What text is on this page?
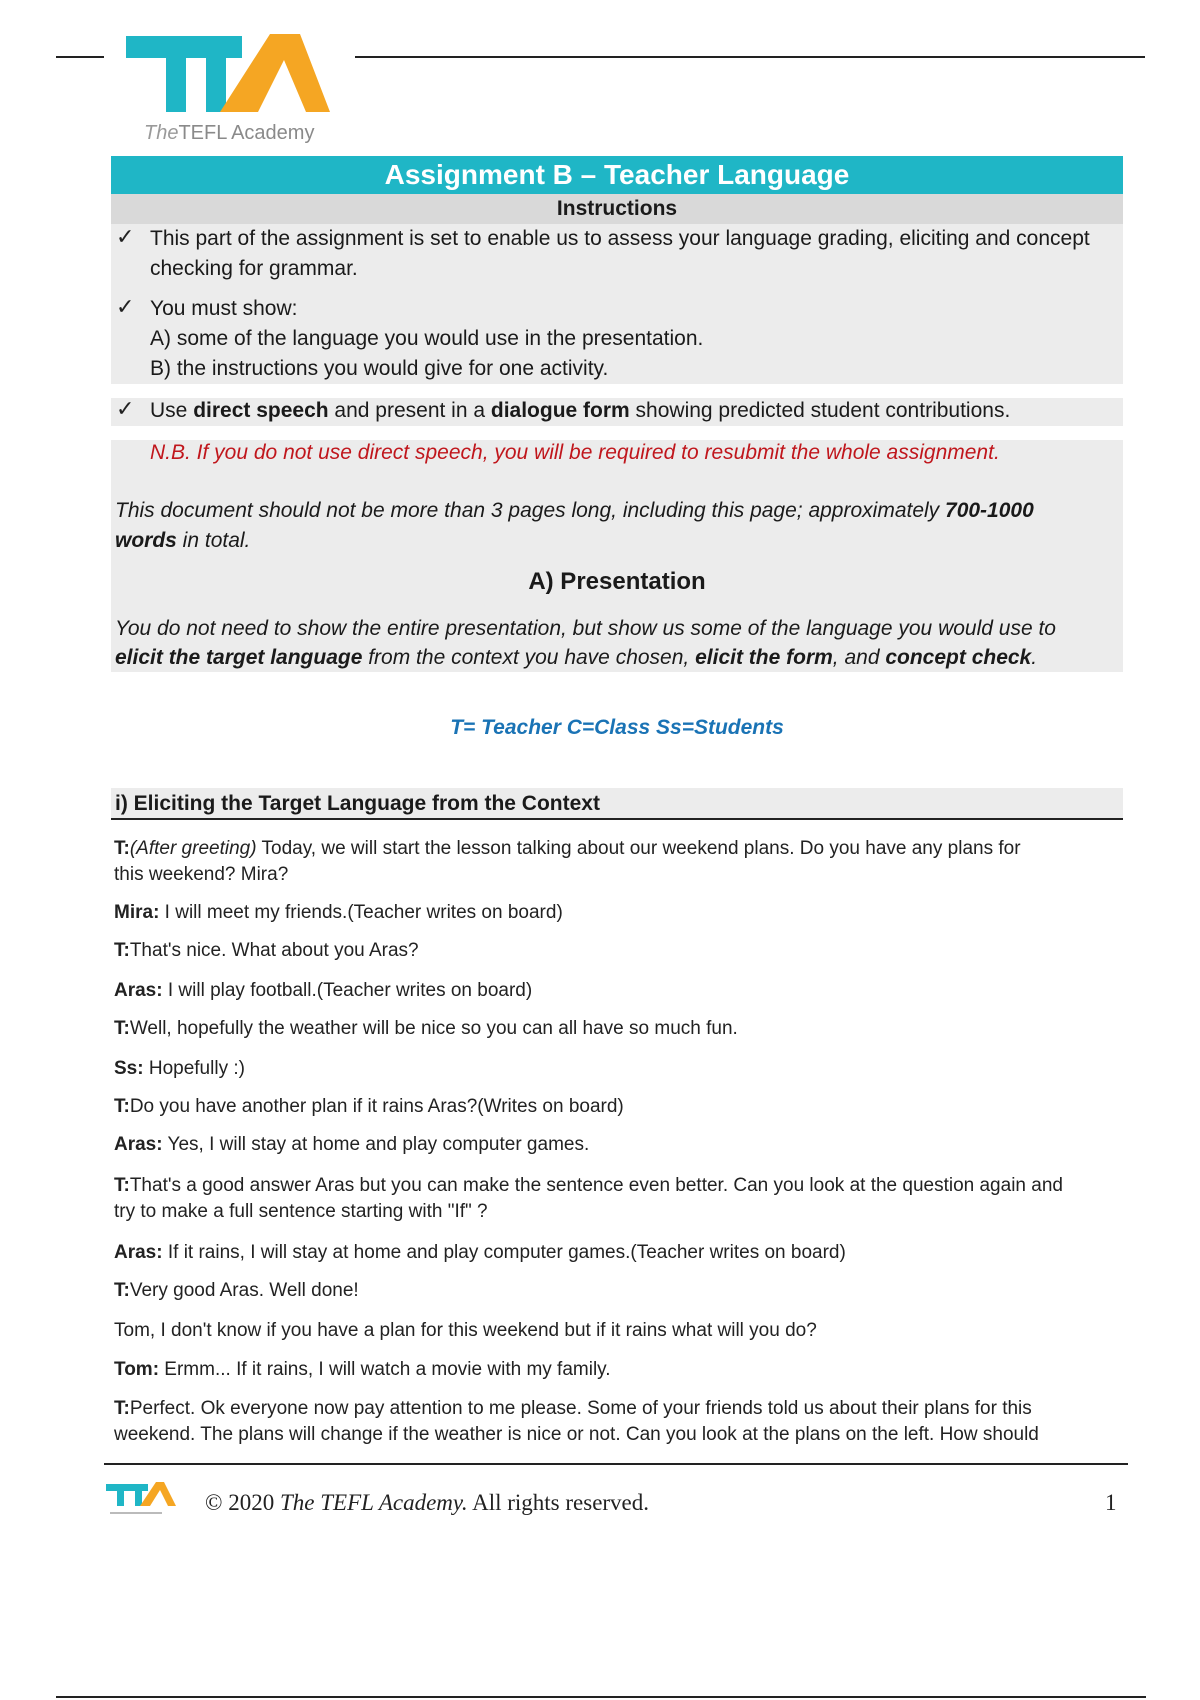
TheTEFL Academy
Assignment B – Teacher Language
Instructions
✓ This part of the assignment is set to enable us to assess your language grading, eliciting and concept
checking for grammar.
✓ You must show:
A) some of the language you would use in the presentation.
B) the instructions you would give for one activity.
✓ Use direct speech and present in a dialogue form showing predicted student contributions.
N.B. If you do not use direct speech, you will be required to resubmit the whole assignment.
This document should not be more than 3 pages long, including this page; approximately 700-1000
words in total.
A) Presentation
You do not need to show the entire presentation, but show us some of the language you would use to
elicit the target language from the context you have chosen, elicit the form, and concept check.
T= Teacher C=Class Ss=Students
i) Eliciting the Target Language from the Context
T:(After greeting) Today, we will start the lesson talking about our weekend plans. Do you have any plans for
this weekend? Mira?
Mira: I will meet my friends.(Teacher writes on board)
T:That's nice. What about you Aras?
Aras: I will play football.(Teacher writes on board)
T:Well, hopefully the weather will be nice so you can all have so much fun.
Ss: Hopefully :)
T:Do you have another plan if it rains Aras?(Writes on board)
Aras: Yes, I will stay at home and play computer games.
T:That's a good answer Aras but you can make the sentence even better. Can you look at the question again and
try to make a full sentence starting with "If" ?
Aras: If it rains, I will stay at home and play computer games.(Teacher writes on board)
T:Very good Aras. Well done!
Tom, I don't know if you have a plan for this weekend but if it rains what will you do?
Tom: Ermm... If it rains, I will watch a movie with my family.
T:Perfect. Ok everyone now pay attention to me please. Some of your friends told us about their plans for this
weekend. The plans will change if the weather is nice or not. Can you look at the plans on the left. How should
© 2020 The TEFL Academy. All rights reserved.	1
